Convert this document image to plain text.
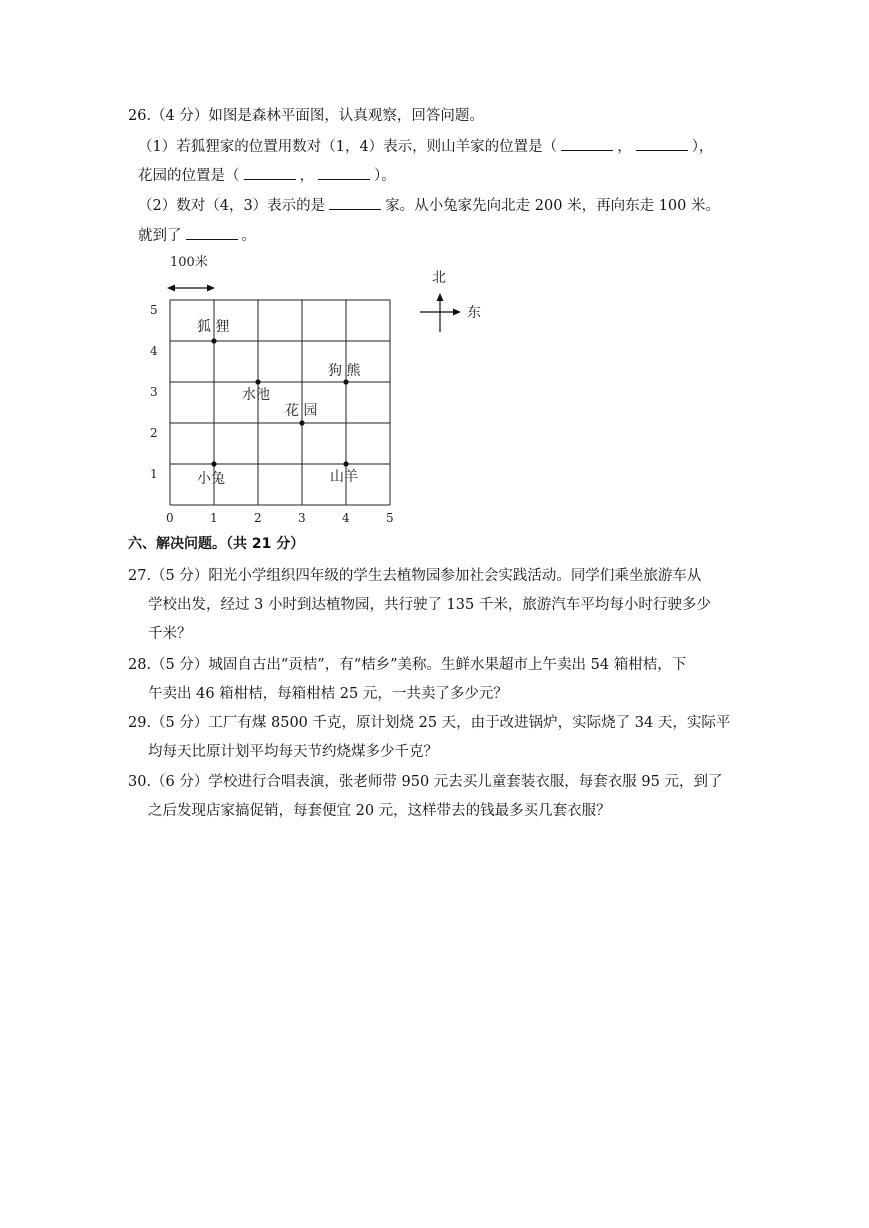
26.（4 分）如图是森林平面图，认真观察，回答问题。
（1）若狐狸家的位置用数对（1，4）表示，则山羊家的位置是（	，	），
花园的位置是（	，	）。
（2）数对（4，3）表示的是	家。从小兔家先向北走 200 米，再向东走 100 米。
就到了	。
100米
0	1	2	3	4	5
1
2
3
4
5
狐 狸
水池
狗 熊
花 园
小兔	山羊
北
东
六、解决问题。（共 21 分）
27.（5 分）阳光小学组织四年级的学生去植物园参加社会实践活动。同学们乘坐旅游车从
学校出发，经过 3 小时到达植物园，共行驶了 135 千米，旅游汽车平均每小时行驶多少
千米？
28.（5 分）城固自古出“贡桔”，有“桔乡”美称。生鲜水果超市上午卖出 54 箱柑桔，下
午卖出 46 箱柑桔，每箱柑桔 25 元，一共卖了多少元？
29.（5 分）工厂有煤 8500 千克，原计划烧 25 天，由于改进锅炉，实际烧了 34 天，实际平
均每天比原计划平均每天节约烧煤多少千克？
30.（6 分）学校进行合唱表演，张老师带 950 元去买儿童套装衣服，每套衣服 95 元，到了
之后发现店家搞促销，每套便宜 20 元，这样带去的钱最多买几套衣服？
